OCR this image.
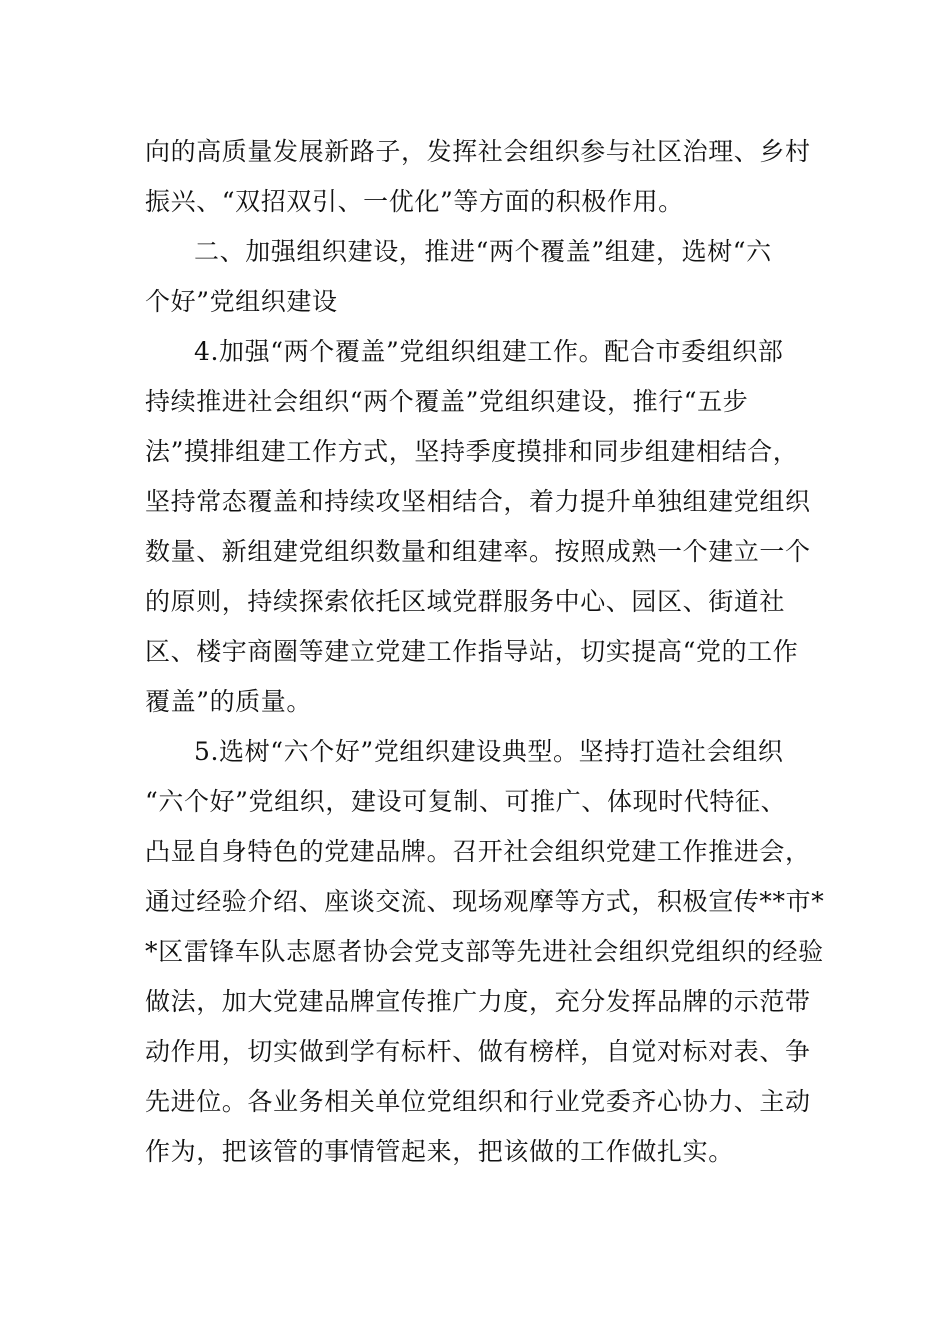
向的高质量发展新路子，发挥社会组织参与社区治理、乡村
振兴、“双招双引、一优化”等方面的积极作用。
二、加强组织建设，推进“两个覆盖”组建，选树“六
个好”党组织建设
4.加强“两个覆盖”党组织组建工作。配合市委组织部
持续推进社会组织“两个覆盖”党组织建设，推行“五步
法”摸排组建工作方式，坚持季度摸排和同步组建相结合，
坚持常态覆盖和持续攻坚相结合，着力提升单独组建党组织
数量、新组建党组织数量和组建率。按照成熟一个建立一个
的原则，持续探索依托区域党群服务中心、园区、街道社
区、楼宇商圈等建立党建工作指导站，切实提高“党的工作
覆盖”的质量。
5.选树“六个好”党组织建设典型。坚持打造社会组织
“六个好”党组织，建设可复制、可推广、体现时代特征、
凸显自身特色的党建品牌。召开社会组织党建工作推进会，
通过经验介绍、座谈交流、现场观摩等方式，积极宣传**市*
*区雷锋车队志愿者协会党支部等先进社会组织党组织的经验
做法，加大党建品牌宣传推广力度，充分发挥品牌的示范带
动作用，切实做到学有标杆、做有榜样，自觉对标对表、争
先进位。各业务相关单位党组织和行业党委齐心协力、主动
作为，把该管的事情管起来，把该做的工作做扎实。
